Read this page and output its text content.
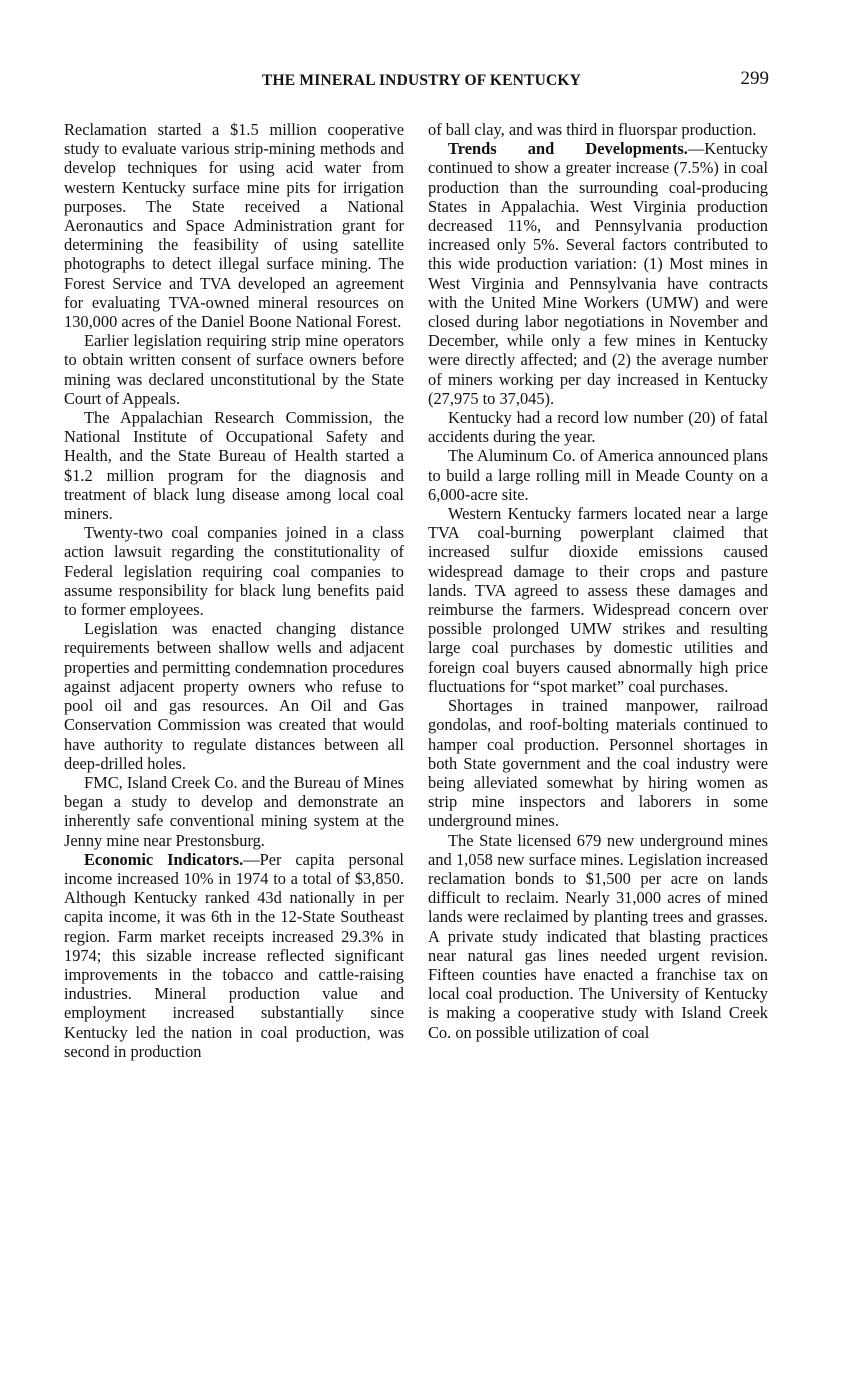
THE MINERAL INDUSTRY OF KENTUCKY	299

Reclamation started a $1.5 million cooperative study to evaluate various strip-mining methods and develop techniques for using acid water from western Kentucky surface mine pits for irrigation purposes. The State received a National Aeronautics and Space Administration grant for determining the feasibility of using satellite photographs to detect illegal surface mining. The Forest Service and TVA developed an agreement for evaluating TVA-owned mineral resources on 130,000 acres of the Daniel Boone National Forest.

Earlier legislation requiring strip mine operators to obtain written consent of surface owners before mining was declared unconstitutional by the State Court of Appeals.

The Appalachian Research Commission, the National Institute of Occupational Safety and Health, and the State Bureau of Health started a $1.2 million program for the diagnosis and treatment of black lung disease among local coal miners.

Twenty-two coal companies joined in a class action lawsuit regarding the constitutionality of Federal legislation requiring coal companies to assume responsibility for black lung benefits paid to former employees.

Legislation was enacted changing distance requirements between shallow wells and adjacent properties and permitting condemnation procedures against adjacent property owners who refuse to pool oil and gas resources. An Oil and Gas Conservation Commission was created that would have authority to regulate distances between all deep-drilled holes.

FMC, Island Creek Co. and the Bureau of Mines began a study to develop and demonstrate an inherently safe conventional mining system at the Jenny mine near Prestonsburg.

Economic Indicators.—Per capita personal income increased 10% in 1974 to a total of $3,850. Although Kentucky ranked 43d nationally in per capita income, it was 6th in the 12-State Southeast region. Farm market receipts increased 29.3% in 1974; this sizable increase reflected significant improvements in the tobacco and cattle-raising industries. Mineral production value and employment increased substantially since Kentucky led the nation in coal production, was second in production

of ball clay, and was third in fluorspar production.

Trends and Developments.—Kentucky continued to show a greater increase (7.5%) in coal production than the surrounding coal-producing States in Appalachia. West Virginia production decreased 11%, and Pennsylvania production increased only 5%. Several factors contributed to this wide production variation: (1) Most mines in West Virginia and Pennsylvania have contracts with the United Mine Workers (UMW) and were closed during labor negotiations in November and December, while only a few mines in Kentucky were directly affected; and (2) the average number of miners working per day increased in Kentucky (27,975 to 37,045).

Kentucky had a record low number (20) of fatal accidents during the year.

The Aluminum Co. of America announced plans to build a large rolling mill in Meade County on a 6,000-acre site.

Western Kentucky farmers located near a large TVA coal-burning powerplant claimed that increased sulfur dioxide emissions caused widespread damage to their crops and pasture lands. TVA agreed to assess these damages and reimburse the farmers. Widespread concern over possible prolonged UMW strikes and resulting large coal purchases by domestic utilities and foreign coal buyers caused abnormally high price fluctuations for “spot market” coal purchases.

Shortages in trained manpower, railroad gondolas, and roof-bolting materials continued to hamper coal production. Personnel shortages in both State government and the coal industry were being alleviated somewhat by hiring women as strip mine inspectors and laborers in some underground mines.

The State licensed 679 new underground mines and 1,058 new surface mines. Legislation increased reclamation bonds to $1,500 per acre on lands difficult to reclaim. Nearly 31,000 acres of mined lands were reclaimed by planting trees and grasses. A private study indicated that blasting practices near natural gas lines needed urgent revision. Fifteen counties have enacted a franchise tax on local coal production. The University of Kentucky is making a cooperative study with Island Creek Co. on possible utilization of coal
